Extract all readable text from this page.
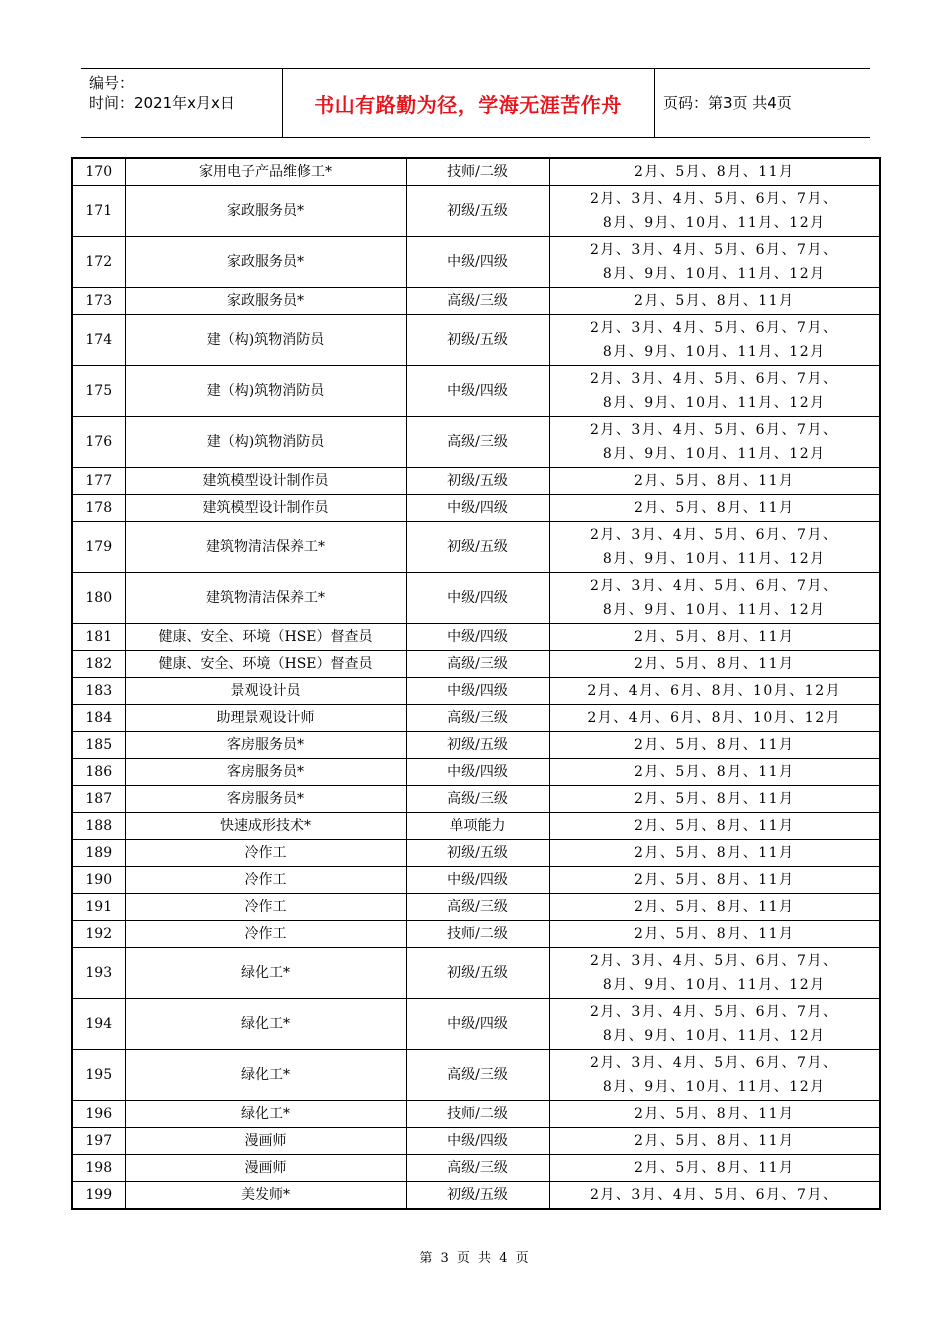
编号：
时间：2021年x月x日	书山有路勤为径，学海无涯苦作舟	页码：第3页 共4页
170	家用电子产品维修工*	技师/二级	2月、5月、8月、11月

171	家政服务员*	初级/五级	2月、3月、4月、5月、6月、7月、
8月、9月、10月、11月、12月

172	家政服务员*	中级/四级	2月、3月、4月、5月、6月、7月、
8月、9月、10月、11月、12月

173	家政服务员*	高级/三级	2月、5月、8月、11月

174	建（构)筑物消防员	初级/五级	2月、3月、4月、5月、6月、7月、
8月、9月、10月、11月、12月

175	建（构)筑物消防员	中级/四级	2月、3月、4月、5月、6月、7月、
8月、9月、10月、11月、12月

176	建（构)筑物消防员	高级/三级	2月、3月、4月、5月、6月、7月、
8月、9月、10月、11月、12月

177	建筑模型设计制作员	初级/五级	2月、5月、8月、11月

178	建筑模型设计制作员	中级/四级	2月、5月、8月、11月

179	建筑物清洁保养工*	初级/五级	2月、3月、4月、5月、6月、7月、
8月、9月、10月、11月、12月

180	建筑物清洁保养工*	中级/四级	2月、3月、4月、5月、6月、7月、
8月、9月、10月、11月、12月

181	健康、安全、环境（HSE）督查员	中级/四级	2月、5月、8月、11月

182	健康、安全、环境（HSE）督查员	高级/三级	2月、5月、8月、11月

183	景观设计员	中级/四级	2月、4月、6月、8月、10月、12月

184	助理景观设计师	高级/三级	2月、4月、6月、8月、10月、12月

185	客房服务员*	初级/五级	2月、5月、8月、11月

186	客房服务员*	中级/四级	2月、5月、8月、11月

187	客房服务员*	高级/三级	2月、5月、8月、11月

188	快速成形技术*	单项能力	2月、5月、8月、11月

189	冷作工	初级/五级	2月、5月、8月、11月

190	冷作工	中级/四级	2月、5月、8月、11月

191	冷作工	高级/三级	2月、5月、8月、11月

192	冷作工	技师/二级	2月、5月、8月、11月

193	绿化工*	初级/五级	2月、3月、4月、5月、6月、7月、
8月、9月、10月、11月、12月

194	绿化工*	中级/四级	2月、3月、4月、5月、6月、7月、
8月、9月、10月、11月、12月

195	绿化工*	高级/三级	2月、3月、4月、5月、6月、7月、
8月、9月、10月、11月、12月

196	绿化工*	技师/二级	2月、5月、8月、11月

197	漫画师	中级/四级	2月、5月、8月、11月

198	漫画师	高级/三级	2月、5月、8月、11月

199	美发师*	初级/五级	2月、3月、4月、5月、6月、7月、
第 3 页 共 4 页
